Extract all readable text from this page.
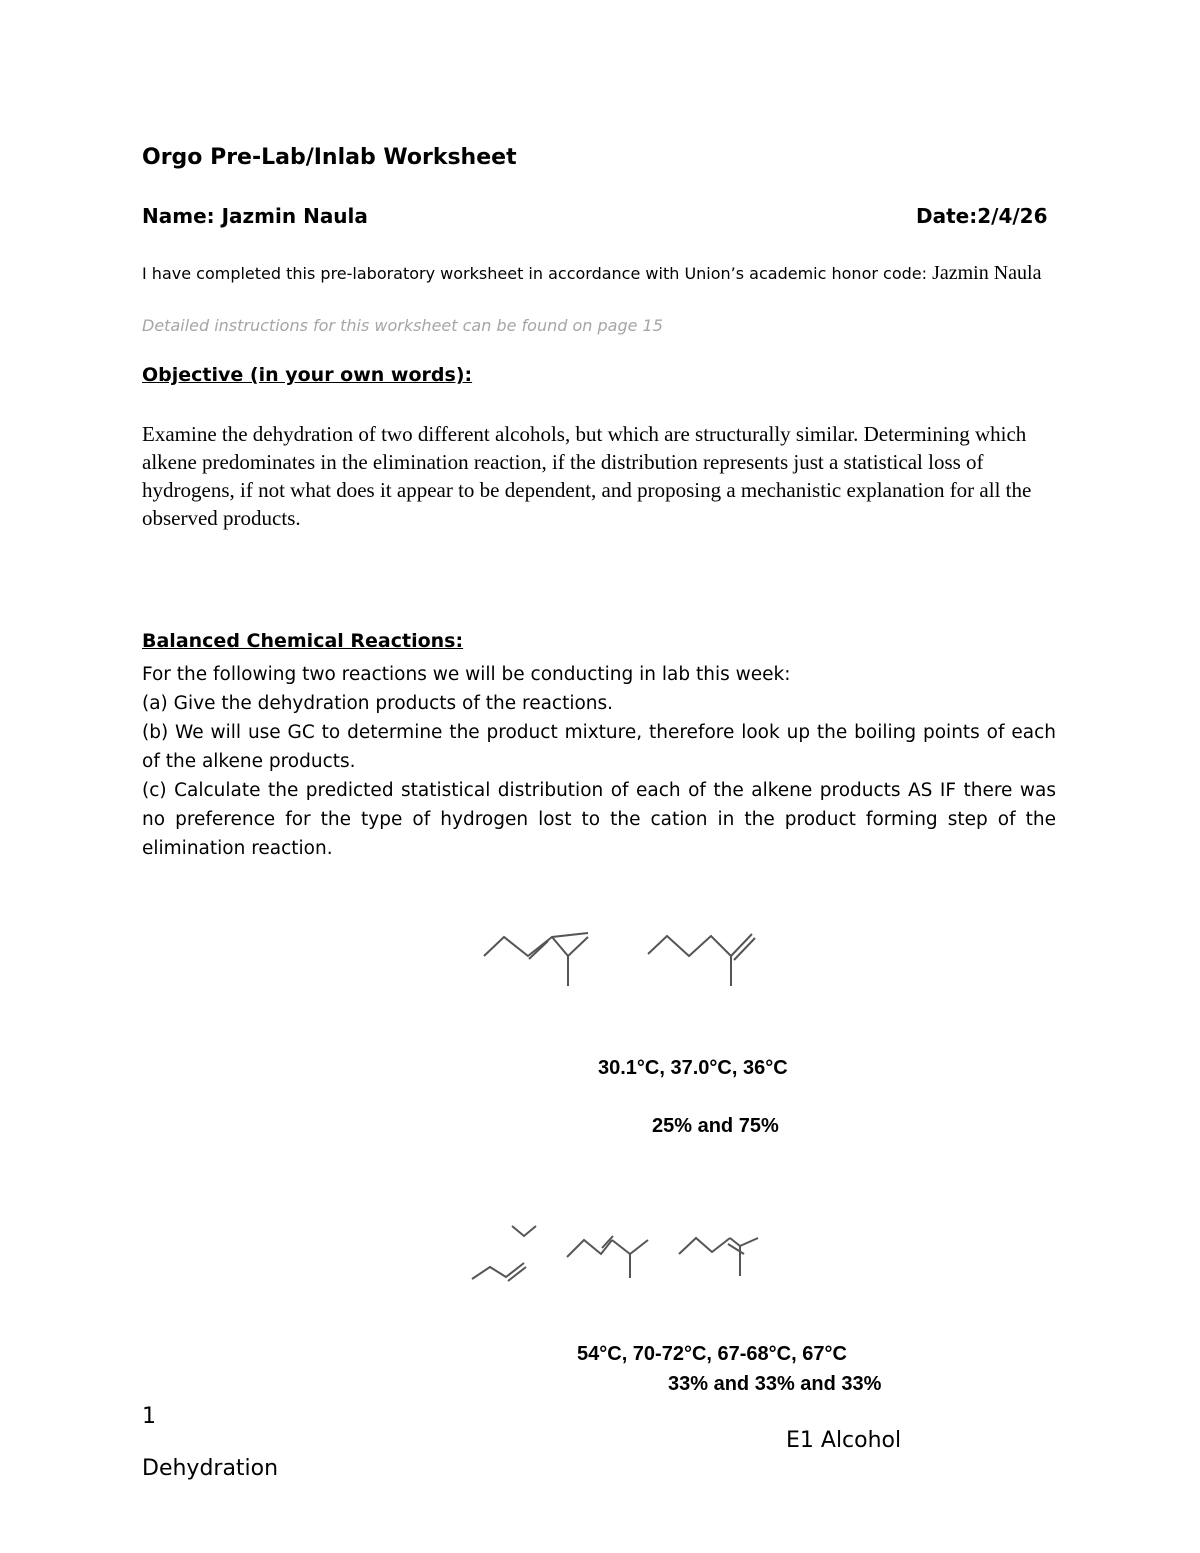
Orgo Pre-Lab/Inlab Worksheet
Name: Jazmin Naula	Date:2/4/26
I have completed this pre-laboratory worksheet in accordance with Union’s academic honor code: Jazmin Naula
Detailed instructions for this worksheet can be found on page 15
Objective (in your own words):
Examine the dehydration of two different alcohols, but which are structurally similar. Determining which alkene predominates in the elimination reaction, if the distribution represents just a statistical loss of hydrogens, if not what does it appear to be dependent, and proposing a mechanistic explanation for all the observed products.
Balanced Chemical Reactions:

For the following two reactions we will be conducting in lab this week:

(a) Give the dehydration products of the reactions.

(b) We will use GC to determine the product mixture, therefore look up the boiling points of each of the alkene products.

(c) Calculate the predicted statistical distribution of each of the alkene products AS IF there was no preference for the type of hydrogen lost to the cation in the product forming step of the elimination reaction.

30.1°C, 37.0°C, 36°C
25% and 75%
54°C, 70-72°C, 67-68°C, 67°C
33% and 33% and 33%
1
E1 Alcohol
Dehydration
